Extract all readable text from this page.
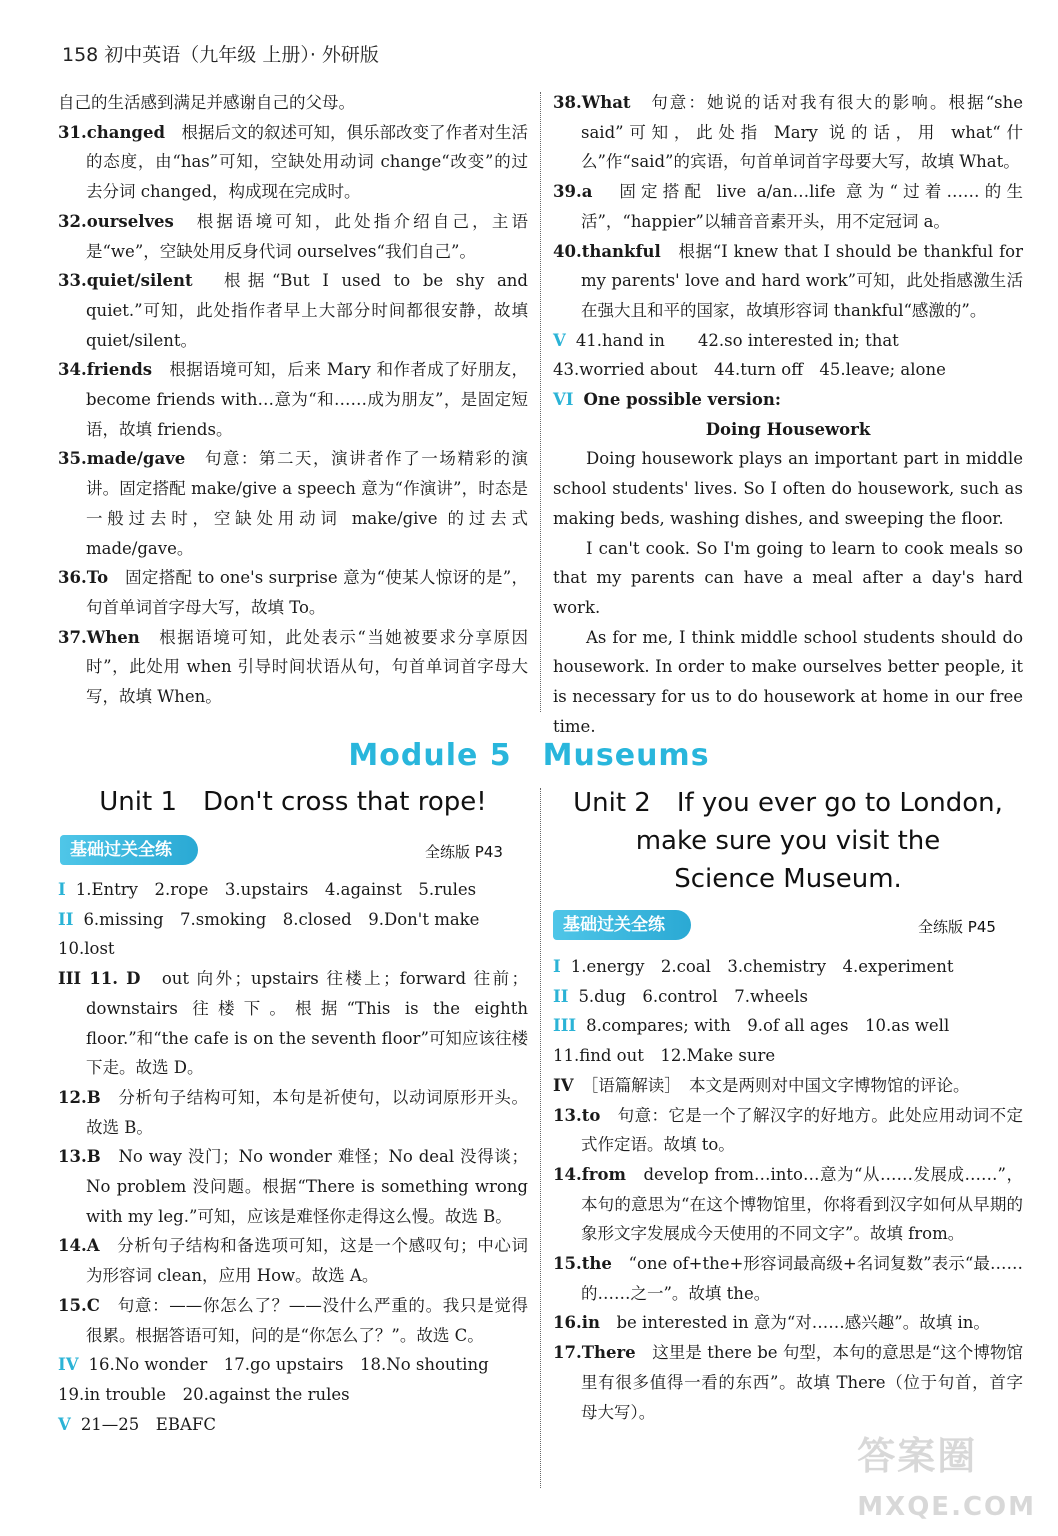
158 初中英语（九年级 上册）· 外研版

自己的生活感到满足并感谢自己的父母。

31.changed　根据后文的叙述可知，俱乐部改变了作者对生活的态度，由“has”可知，空缺处用动词 change“改变”的过去分词 changed，构成现在完成时。

32.ourselves　根据语境可知，此处指介绍自己，主语是“we”，空缺处用反身代词 ourselves“我们自己”。

33.quiet/silent　根据“But I used to be shy and quiet.”可知，此处指作者早上大部分时间都很安静，故填 quiet/silent。

34.friends　根据语境可知，后来 Mary 和作者成了好朋友，become friends with…意为“和……成为朋友”，是固定短语，故填 friends。

35.made/gave　句意：第二天，演讲者作了一场精彩的演讲。固定搭配 make/give a speech 意为“作演讲”，时态是一般过去时，空缺处用动词 make/give 的过去式 made/gave。

36.To　固定搭配 to one's surprise 意为“使某人惊讶的是”，句首单词首字母大写，故填 To。

37.When　根据语境可知，此处表示“当她被要求分享原因时”，此处用 when 引导时间状语从句，句首单词首字母大写，故填 When。

38.What　句意：她说的话对我有很大的影响。根据“she said”可知，此处指 Mary 说的话，用 what“什么”作“said”的宾语，句首单词首字母要大写，故填 What。

39.a　固定搭配 live a/an…life 意为“过着……的生活”，“happier”以辅音音素开头，用不定冠词 a。

40.thankful　根据“I knew that I should be thankful for my parents' love and hard work”可知，此处指感激生活在强大且和平的国家，故填形容词 thankful“感激的”。

V 41.hand in　　42.so interested in; that　　43.worried about　44.turn off　45.leave; alone

VI One possible version:

Doing Housework

Doing housework plays an important part in middle school students' lives. So I often do housework, such as making beds, washing dishes, and sweeping the floor.

I can't cook. So I'm going to learn to cook meals so that my parents can have a meal after a day's hard work.

As for me, I think middle school students should do housework. In order to make ourselves better people, it is necessary for us to do housework at home in our free time.

Module 5　Museums
Unit 1　Don't cross that rope!
基础过关全练	全练版 P43

I 1.Entry　2.rope　3.upstairs　4.against　5.rules

II 6.missing　7.smoking　8.closed　9.Don't make

10.lost

III 11. D　out 向外；upstairs 往楼上；forward 往前；downstairs 往楼下。根据“This is the eighth floor.”和“the cafe is on the seventh floor”可知应该往楼下走。故选 D。

12.B　分析句子结构可知，本句是祈使句，以动词原形开头。故选 B。

13.B　No way 没门；No wonder 难怪；No deal 没得谈；No problem 没问题。根据“There is something wrong with my leg.”可知，应该是难怪你走得这么慢。故选 B。

14.A　分析句子结构和备选项可知，这是一个感叹句；中心词为形容词 clean，应用 How。故选 A。

15.C　句意：——你怎么了？——没什么严重的。我只是觉得很累。根据答语可知，问的是“你怎么了？”。故选 C。

IV 16.No wonder　17.go upstairs　18.No shouting

19.in trouble　20.against the rules

V 21—25　EBAFC

Unit 2　If you ever go to London,
make sure you visit the
Science Museum.
基础过关全练	全练版 P45

I 1.energy　2.coal　3.chemistry　4.experiment

II 5.dug　6.control　7.wheels

III 8.compares; with　9.of all ages　10.as well

11.find out　12.Make sure

IV　［语篇解读］　本文是两则对中国文字博物馆的评论。

13.to　句意：它是一个了解汉字的好地方。此处应用动词不定式作定语。故填 to。

14.from　develop from…into…意为“从……发展成……”，本句的意思为“在这个博物馆里，你将看到汉字如何从早期的象形文字发展成今天使用的不同文字”。故填 from。

15.the　“one of+the+形容词最高级+名词复数”表示“最……的……之一”。故填 the。

16.in　be interested in 意为“对……感兴趣”。故填 in。

17.There　这里是 there be 句型，本句的意思是“这个博物馆里有很多值得一看的东西”。故填 There（位于句首，首字母大写）。

答案圈
MXQE.COM
